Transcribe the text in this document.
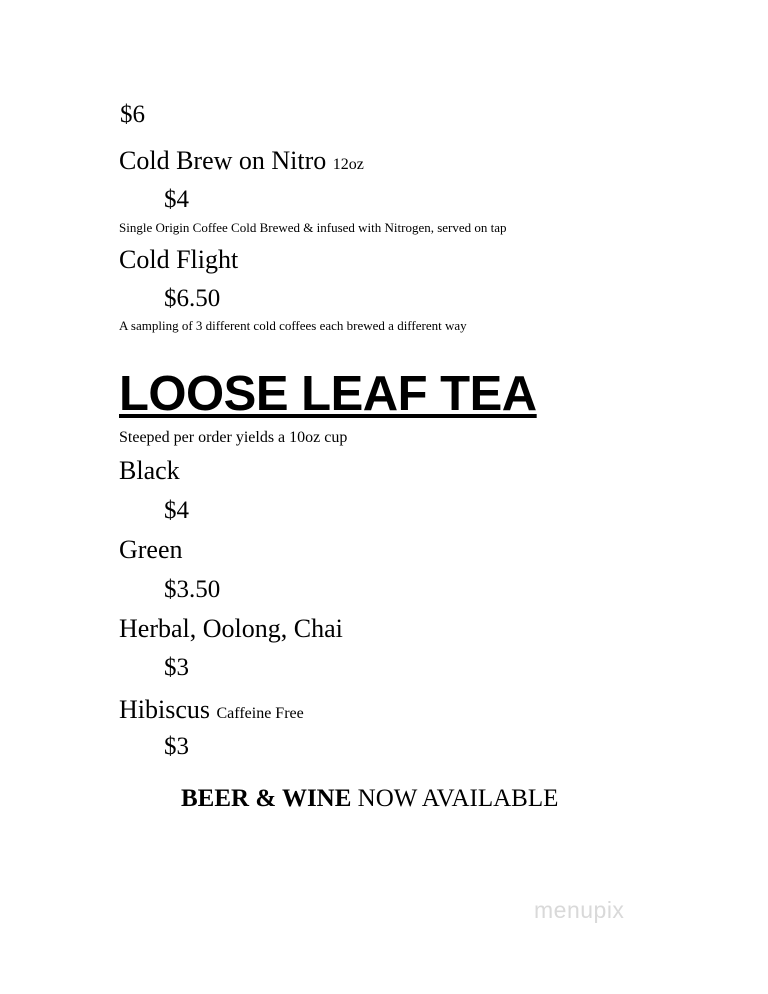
$6
Cold Brew on Nitro 12oz
$4
Single Origin Coffee Cold Brewed & infused with Nitrogen, served on tap
Cold Flight
$6.50
A sampling of 3 different cold coffees each brewed a different way
LOOSE LEAF TEA
Steeped per order yields a 10oz cup
Black
$4
Green
$3.50
Herbal, Oolong, Chai
$3
Hibiscus Caffeine Free
$3
BEER & WINE NOW AVAILABLE
menupix
